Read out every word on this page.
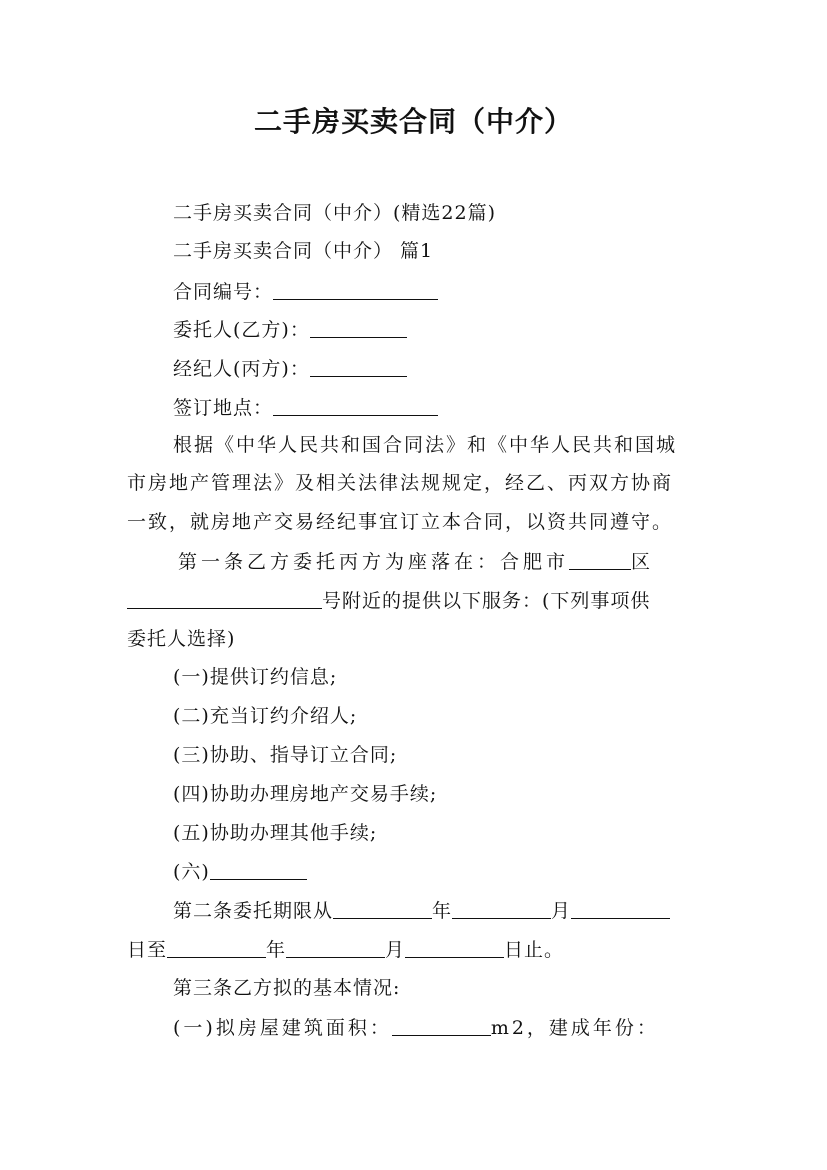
二手房买卖合同（中介）
二手房买卖合同（中介）(精选22篇)
二手房买卖合同（中介） 篇1
合同编号：
委托人(乙方)：
经纪人(丙方)：
签订地点：
根据《中华人民共和国合同法》和《中华人民共和国城
市房地产管理法》及相关法律法规规定，经乙、丙双方协商
一致，就房地产交易经纪事宜订立本合同，以资共同遵守。
第一条乙方委托丙方为座落在：合肥市	区
号附近的提供以下服务：(下列事项供
委托人选择)
(一)提供订约信息;
(二)充当订约介绍人;
(三)协助、指导订立合同;
(四)协助办理房地产交易手续;
(五)协助办理其他手续;
(六)
第二条委托期限从	年	月
日至	年	月	日止。
第三条乙方拟的基本情况:
(一)拟房屋建筑面积：	m2，建成年份：
